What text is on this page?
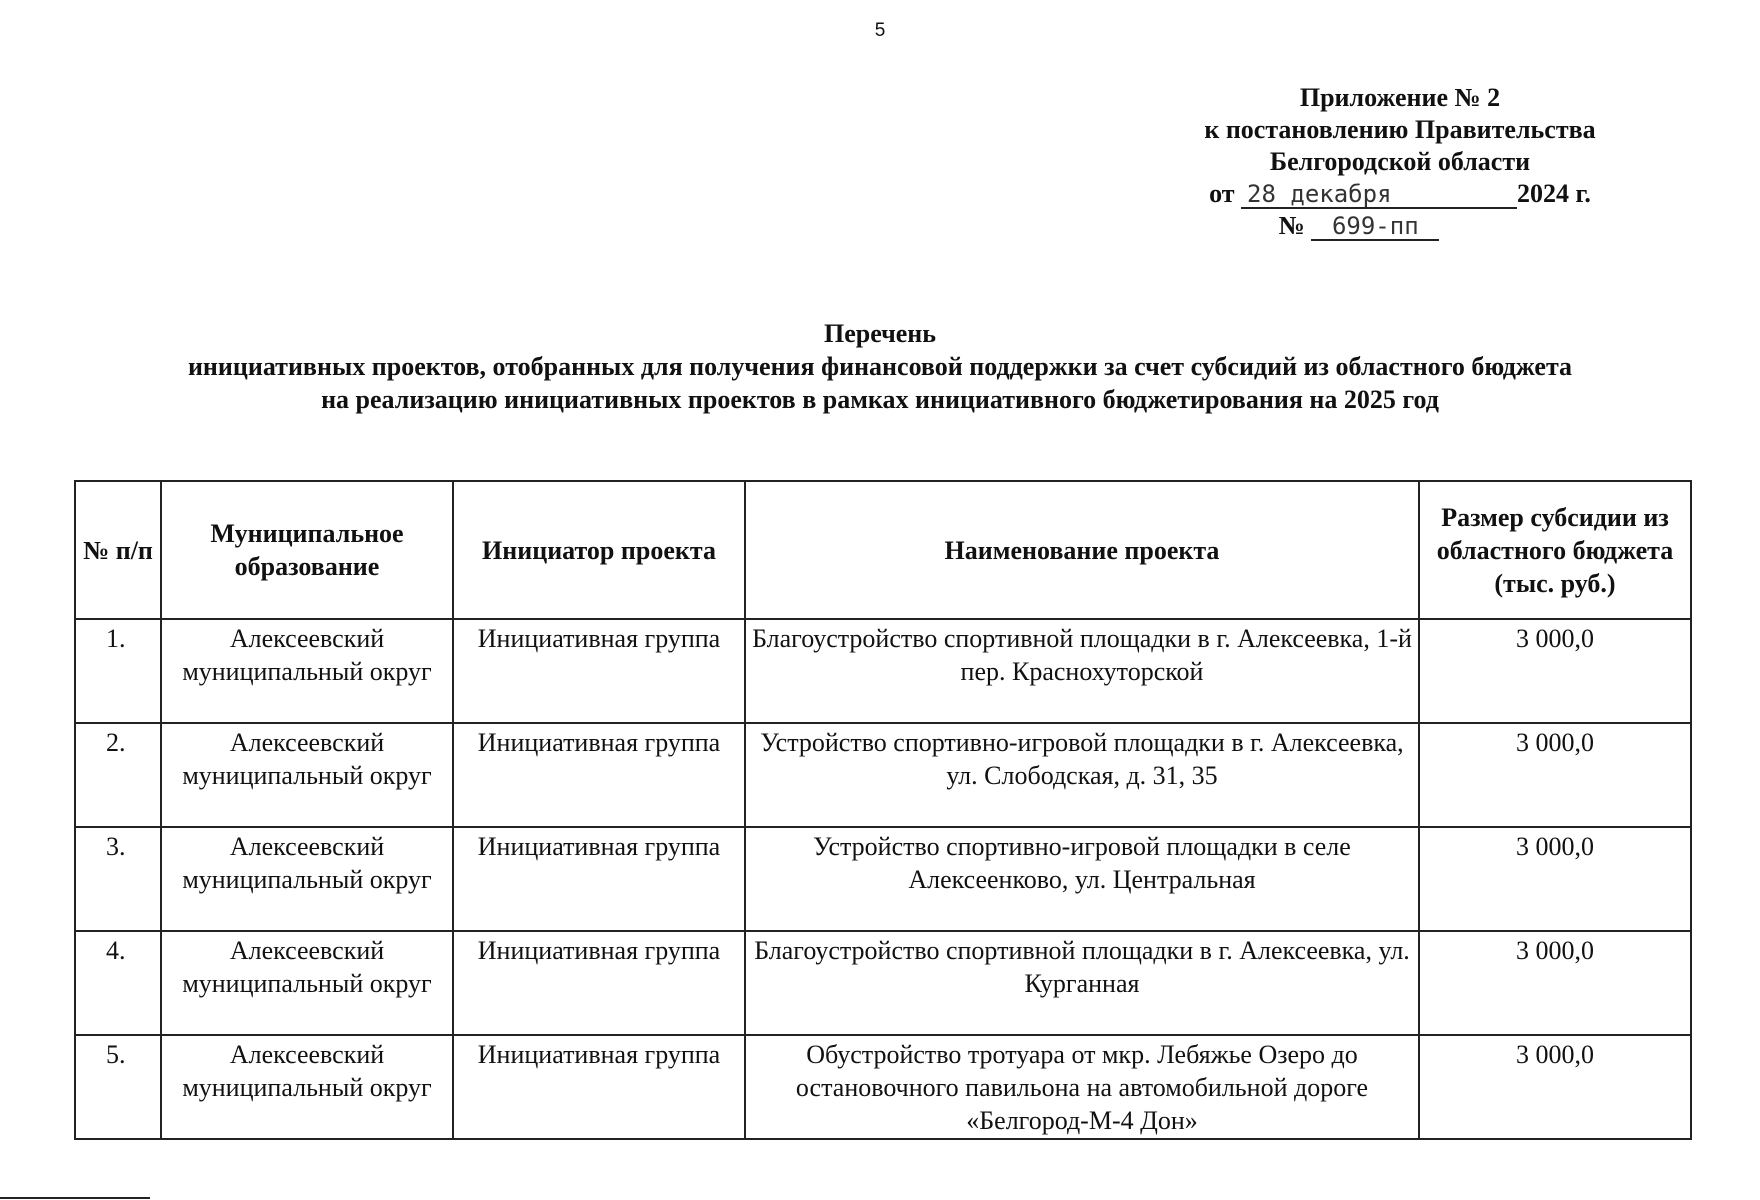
5
Приложение № 2
к постановлению Правительства
Белгородской области
от 28 декабря	2024 г.
№ 699-пп
Перечень
инициативных проектов, отобранных для получения финансовой поддержки за счет субсидий из областного бюджета
на реализацию инициативных проектов в рамках инициативного бюджетирования на 2025 год
№ п/п	Муниципальное образование	Инициатор проекта	Наименование проекта	Размер субсидии из областного бюджета (тыс. руб.)
1.	Алексеевский муниципальный округ	Инициативная группа	Благоустройство спортивной площадки в г. Алексеевка, 1-й пер. Краснохуторской	3 000,0
2.	Алексеевский муниципальный округ	Инициативная группа	Устройство спортивно-игровой площадки в г. Алексеевка, ул. Слободская, д. 31, 35	3 000,0
3.	Алексеевский муниципальный округ	Инициативная группа	Устройство спортивно-игровой площадки в селе Алексеенково, ул. Центральная	3 000,0
4.	Алексеевский муниципальный округ	Инициативная группа	Благоустройство спортивной площадки в г. Алексеевка, ул. Курганная	3 000,0
5.	Алексеевский муниципальный округ	Инициативная группа	Обустройство тротуара от мкр. Лебяжье Озеро до остановочного павильона на автомобильной дороге «Белгород-М-4 Дон»	3 000,0
